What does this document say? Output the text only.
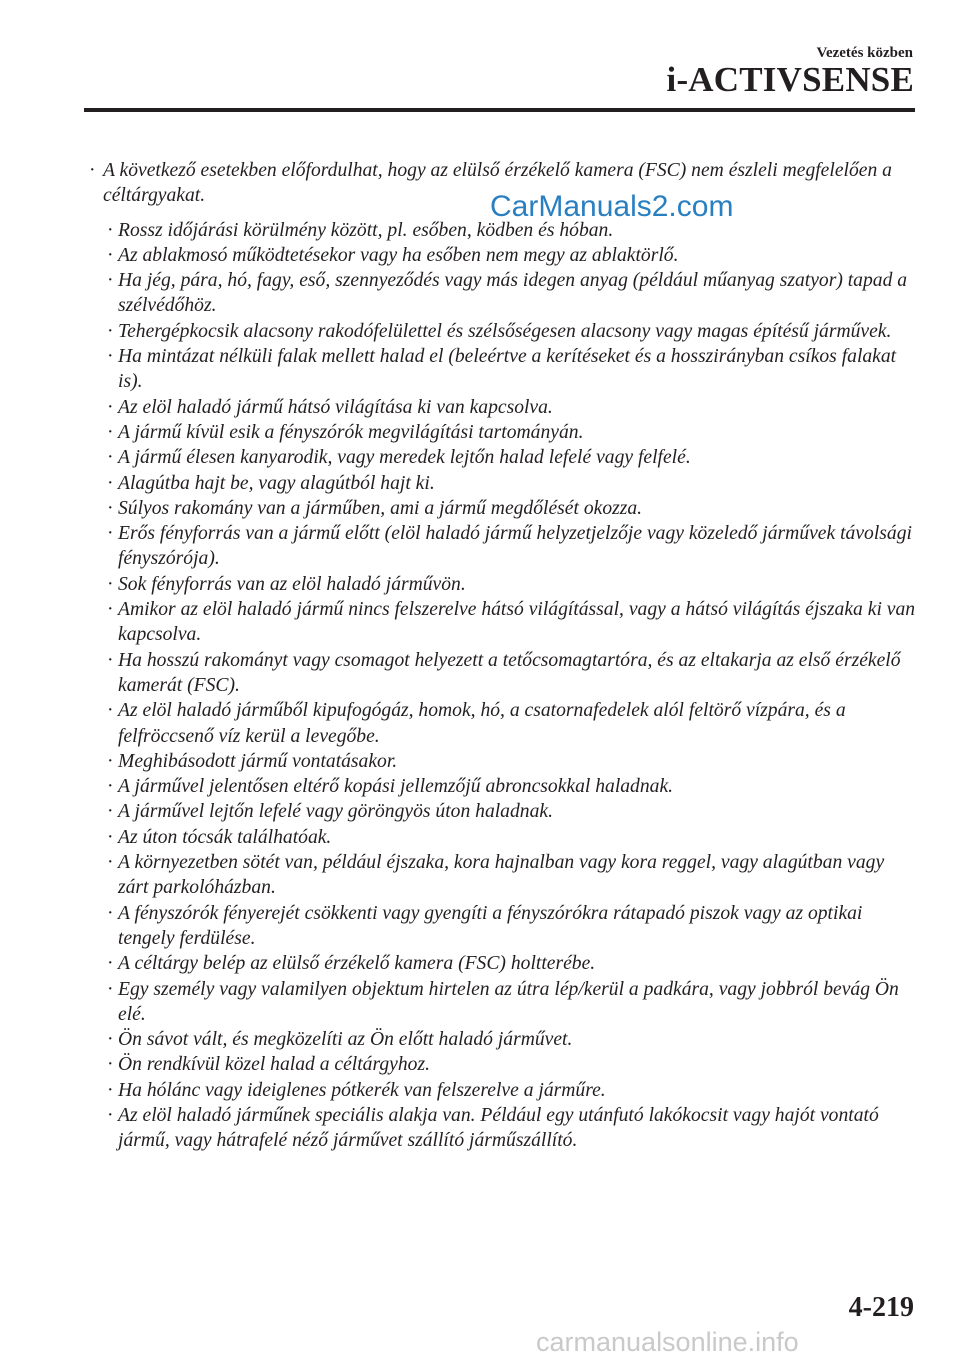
Vezetés közben
i-ACTIVSENSE
· A következő esetekben előfordulhat, hogy az elülső érzékelő kamera (FSC) nem észleli megfelelően a céltárgyakat.
· Rossz időjárási körülmény között, pl. esőben, ködben és hóban.
· Az ablakmosó működtetésekor vagy ha esőben nem megy az ablaktörlő.
· Ha jég, pára, hó, fagy, eső, szennyeződés vagy más idegen anyag (például műanyag szatyor) tapad a szélvédőhöz.
· Tehergépkocsik alacsony rakodófelülettel és szélsőségesen alacsony vagy magas építésű járművek.
· Ha mintázat nélküli falak mellett halad el (beleértve a kerítéseket és a hosszirányban csíkos falakat is).
· Az elöl haladó jármű hátsó világítása ki van kapcsolva.
· A jármű kívül esik a fényszórók megvilágítási tartományán.
· A jármű élesen kanyarodik, vagy meredek lejtőn halad lefelé vagy felfelé.
· Alagútba hajt be, vagy alagútból hajt ki.
· Súlyos rakomány van a járműben, ami a jármű megdőlését okozza.
· Erős fényforrás van a jármű előtt (elöl haladó jármű helyzetjelzője vagy közeledő járművek távolsági fényszórója).
· Sok fényforrás van az elöl haladó járművön.
· Amikor az elöl haladó jármű nincs felszerelve hátsó világítással, vagy a hátsó világítás éjszaka ki van kapcsolva.
· Ha hosszú rakományt vagy csomagot helyezett a tetőcsomagtartóra, és az eltakarja az első érzékelő kamerát (FSC).
· Az elöl haladó járműből kipufogógáz, homok, hó, a csatornafedelek alól feltörő vízpára, és a felfröccsenő víz kerül a levegőbe.
· Meghibásodott jármű vontatásakor.
· A járművel jelentősen eltérő kopási jellemzőjű abroncsokkal haladnak.
· A járművel lejtőn lefelé vagy göröngyös úton haladnak.
· Az úton tócsák találhatóak.
· A környezetben sötét van, például éjszaka, kora hajnalban vagy kora reggel, vagy alagútban vagy zárt parkolóházban.
· A fényszórók fényerejét csökkenti vagy gyengíti a fényszórókra rátapadó piszok vagy az optikai tengely ferdülése.
· A céltárgy belép az elülső érzékelő kamera (FSC) holtterébe.
· Egy személy vagy valamilyen objektum hirtelen az útra lép/kerül a padkára, vagy jobbról bevág Ön elé.
· Ön sávot vált, és megközelíti az Ön előtt haladó járművet.
· Ön rendkívül közel halad a céltárgyhoz.
· Ha hólánc vagy ideiglenes pótkerék van felszerelve a járműre.
· Az elöl haladó járműnek speciális alakja van. Például egy utánfutó lakókocsit vagy hajót vontató jármű, vagy hátrafelé néző járművet szállító járműszállító.
CarManuals2.com
4-219
carmanualsonline.info
